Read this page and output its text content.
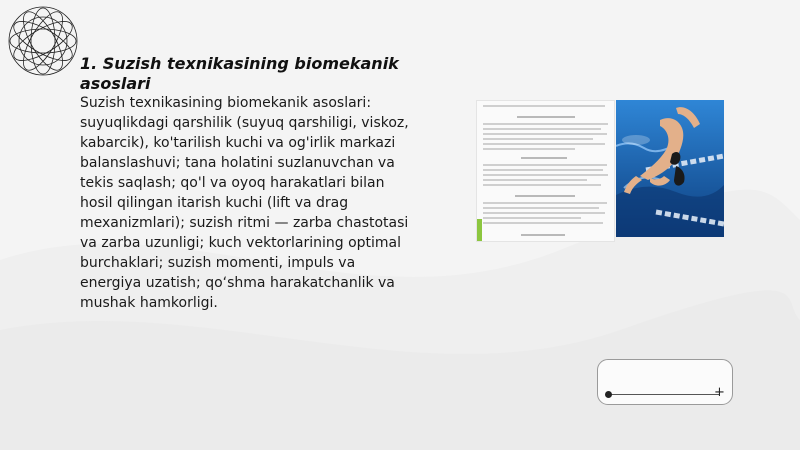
1. Suzish texnikasining biomekanik asoslari

Suzish texnikasining biomekanik asoslari: suyuqlikdagi qarshilik (suyuq qarshiligi, viskoz, kabarcik), ko'tarilish kuchi va og'irlik markazi balanslashuvi; tana holatini suzlanuvchan va tekis saqlash; qo'l va oyoq harakatlari bilan hosil qilingan itarish kuchi (lift va drag mexanizmlari); suzish ritmi — zarba chastotasi va zarba uzunligi; kuch vektorlarining optimal burchaklari; suzish momenti, impuls va energiya uzatish; qo‘shma harakatchanlik va mushak hamkorligi.

+
